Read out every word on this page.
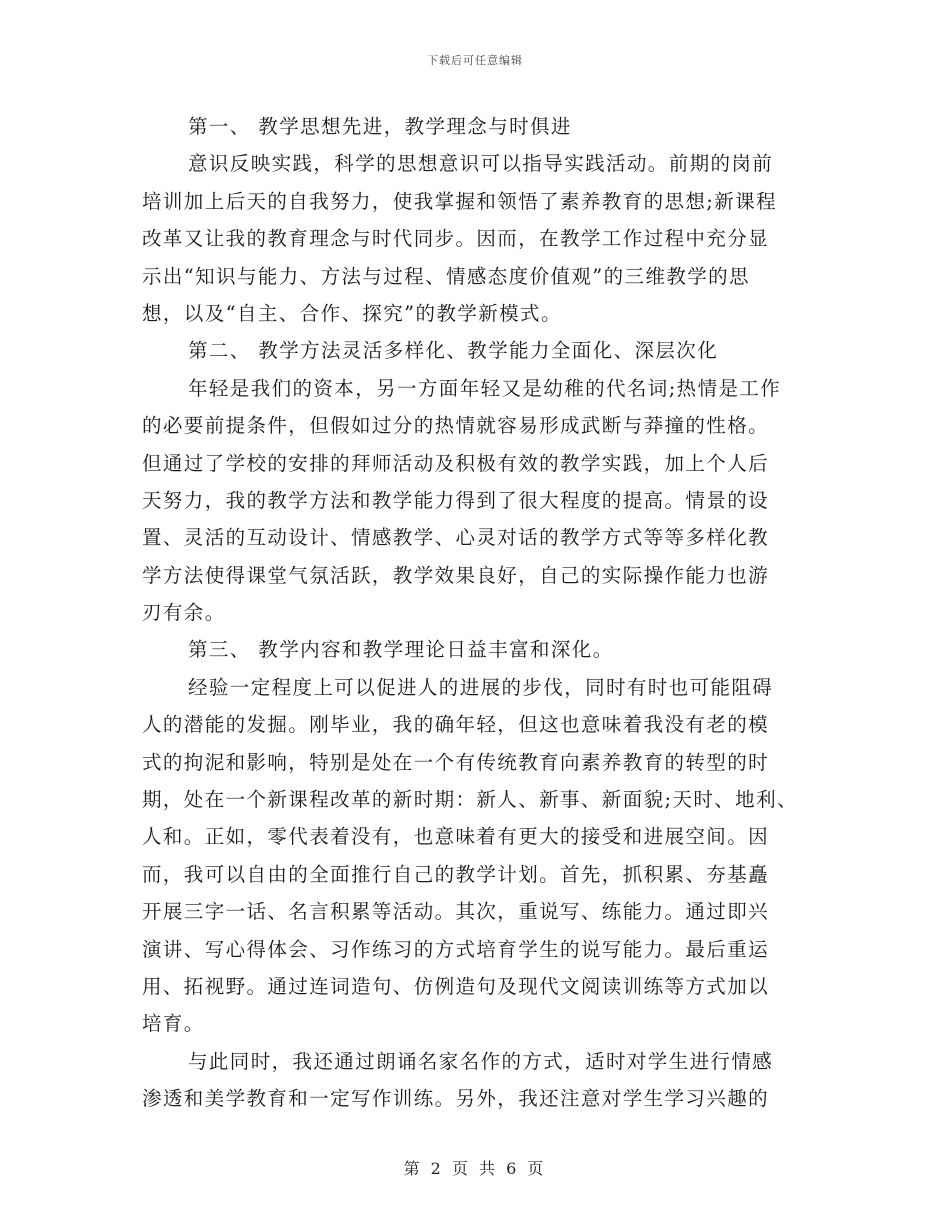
下载后可任意编辑
第一、 教学思想先进，教学理念与时俱进
意识反映实践，科学的思想意识可以指导实践活动。前期的岗前
培训加上后天的自我努力，使我掌握和领悟了素养教育的思想;新课程
改革又让我的教育理念与时代同步。因而，在教学工作过程中充分显
示出“知识与能力、方法与过程、情感态度价值观”的三维教学的思
想，以及“自主、合作、探究”的教学新模式。
第二、 教学方法灵活多样化、教学能力全面化、深层次化
年轻是我们的资本，另一方面年轻又是幼稚的代名词;热情是工作
的必要前提条件，但假如过分的热情就容易形成武断与莽撞的性格。
但通过了学校的安排的拜师活动及积极有效的教学实践，加上个人后
天努力，我的教学方法和教学能力得到了很大程度的提高。情景的设
置、灵活的互动设计、情感教学、心灵对话的教学方式等等多样化教
学方法使得课堂气氛活跃，教学效果良好，自己的实际操作能力也游
刃有余。
第三、 教学内容和教学理论日益丰富和深化。
经验一定程度上可以促进人的进展的步伐，同时有时也可能阻碍
人的潜能的发掘。刚毕业，我的确年轻，但这也意味着我没有老的模
式的拘泥和影响，特别是处在一个有传统教育向素养教育的转型的时
期，处在一个新课程改革的新时期：新人、新事、新面貌;天时、地利、
人和。正如，零代表着没有，也意味着有更大的接受和进展空间。因
而，我可以自由的全面推行自己的教学计划。首先，抓积累、夯基矗
开展三字一话、名言积累等活动。其次，重说写、练能力。通过即兴
演讲、写心得体会、习作练习的方式培育学生的说写能力。最后重运
用、拓视野。通过连词造句、仿例造句及现代文阅读训练等方式加以
培育。
与此同时，我还通过朗诵名家名作的方式，适时对学生进行情感
渗透和美学教育和一定写作训练。另外，我还注意对学生学习兴趣的
第 2 页 共 6 页
